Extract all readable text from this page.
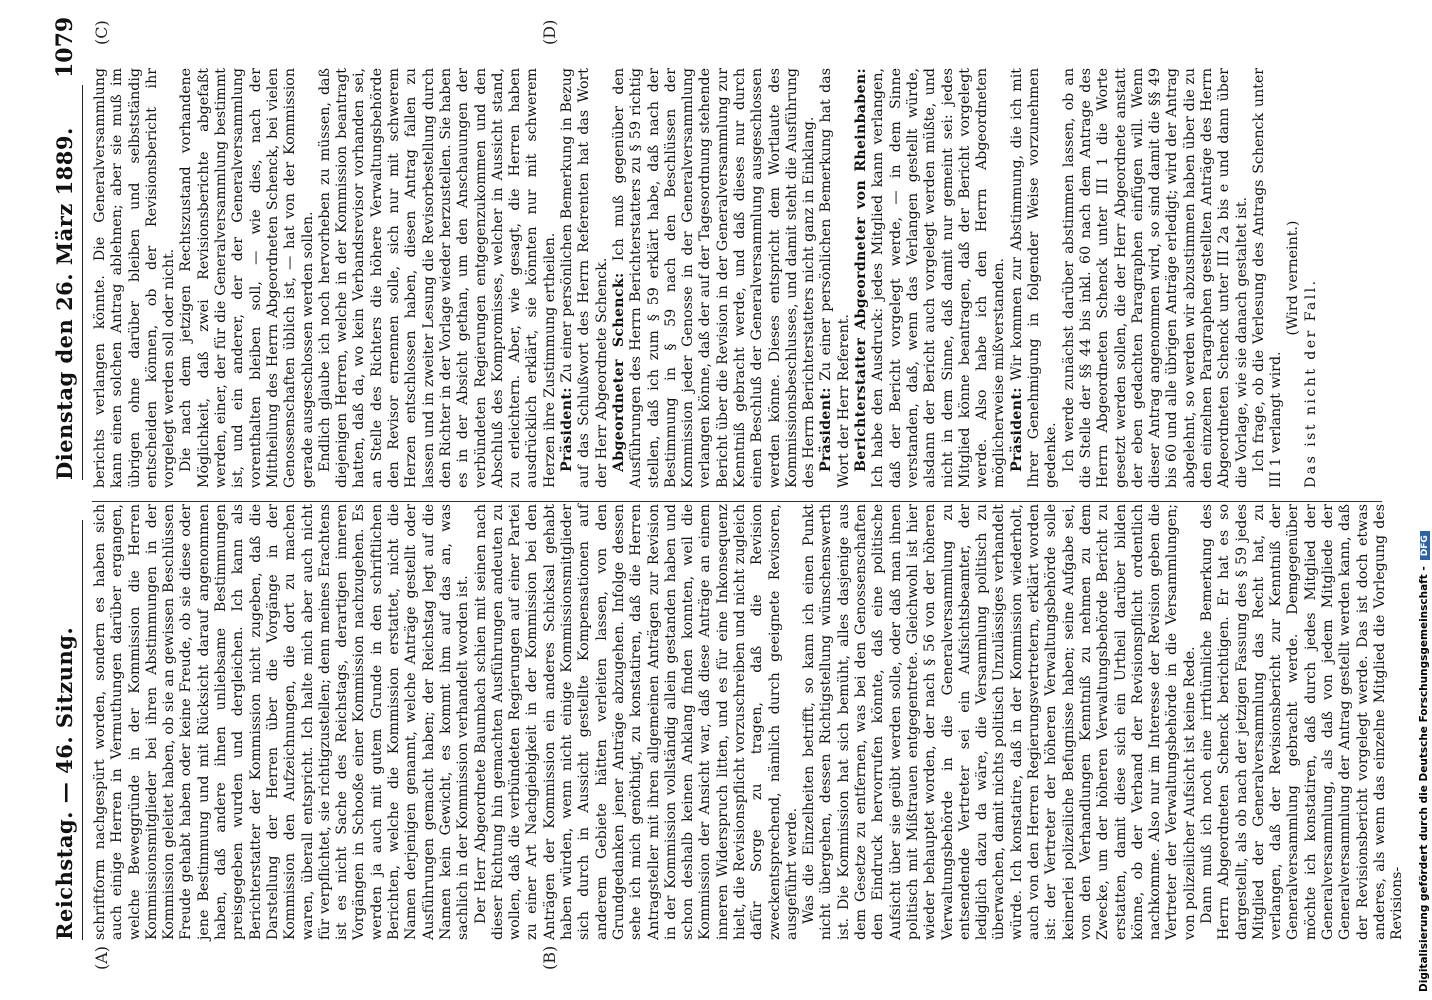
Reichstag. — 46. Sitzung.
Dienstag den 26. März 1889.
1079
(A)	(B)
(C)	(D)

schriftform nachgespürt worden, sondern es haben sich auch einige Herren in Vermuthungen darüber ergangen, welche Beweggründe in der Kommission die Herren Kommissionsmitglieder bei ihren Abstimmungen in der Kommission geleitet haben, ob sie an gewissen Beschlüssen Freude gehabt haben oder keine Freude, ob sie diese oder jene Bestimmung und mit Rücksicht darauf angenommen haben, daß andere ihnen unliebsame Bestimmungen preisgegeben wurden und dergleichen. Ich kann als Berichterstatter der Kommission nicht zugeben, daß die Darstellung der Herren über die Vorgänge in der Kommission den Aufzeichnungen, die dort zu machen waren, überall entspricht. Ich halte mich aber auch nicht für verpflichtet, sie richtigzustellen; denn meines Erachtens ist es nicht Sache des Reichstags, derartigen inneren Vorgängen in Schooße einer Kommission nachzugehen. Es werden ja auch mit gutem Grunde in den schriftlichen Berichten, welche die Kommission erstattet, nicht die Namen derjenigen genannt, welche Anträge gestellt oder Ausführungen gemacht haben; der Reichstag legt auf die Namen kein Gewicht, es kommt ihm auf das an, was sachlich in der Kommission verhandelt worden ist. Der Herr Abgeordnete Baumbach schien mit seinen nach dieser Richtung hin gemachten Ausführungen andeuten zu wollen, daß die verbündeten Regierungen auf einer Partei zu einer Art Nachgiebigkeit in der Kommission bei den Anträgen der Kommission ein anderes Schicksal gehabt haben würden, wenn nicht einige Kommissionsmitglieder sich durch in Aussicht gestellte Kompensationen auf anderem Gebiete hätten verleiten lassen, von den Grundgedanken jener Anträge abzugehen. Infolge dessen sehe ich mich genöthigt, zu konstatiren, daß die Herren Antragsteller mit ihren allgemeinen Anträgen zur Revision in der Kommission vollständig allein gestanden haben und schon deshalb keinen Anklang finden konnten, weil die Kommission der Ansicht war, daß diese Anträge an einem inneren Widerspruch litten, und es für eine Inkonsequenz hielt, die Revisionspflicht vorzuschreiben und nicht zugleich dafür Sorge zu tragen, daß die Revision zweckentsprechend, nämlich durch geeignete Revisoren, ausgeführt werde. Was die Einzelheiten betrifft, so kann ich einen Punkt nicht übergehen, dessen Richtigstellung wünschenswerth ist. Die Kommission hat sich bemüht, alles dasjenige aus dem Gesetze zu entfernen, was bei den Genossenschaften den Eindruck hervorrufen könnte, daß eine politische Aufsicht über sie geübt werden solle, oder daß man ihnen politisch mit Mißtrauen entgegentrete. Gleichwohl ist hier wieder behauptet worden, der nach § 56 von der höheren Verwaltungsbehörde in die Generalversammlung zu entsendende Vertreter sei ein Aufsichtsbeamter, der lediglich dazu da wäre, die Versammlung politisch zu überwachen, damit nichts politisch Unzulässiges verhandelt würde. Ich konstatire, daß in der Kommission wiederholt, auch von den Herren Regierungsvertretern, erklärt worden ist: der Vertreter der höheren Verwaltungsbehörde solle keinerlei polizeiliche Befugnisse haben; seine Aufgabe sei, von den Verhandlungen Kenntniß zu nehmen zu dem Zwecke, um der höheren Verwaltungsbehörde Bericht zu erstatten, damit diese sich ein Urtheil darüber bilden könne, ob der Verband der Revisionspflicht ordentlich nachkomme. Also nur im Interesse der Revision geben die Vertreter der Verwaltungsbehörde in die Versammlungen; von polizeilicher Aufsicht ist keine Rede. Dann muß ich noch eine irrthümliche Bemerkung des Herrn Abgeordneten Schenck berichtigen. Er hat es so dargestellt, als ob nach der jetzigen Fassung des § 59 jedes Mitglied der Generalversammlung das Recht hat, zu verlangen, daß der Revisionsbericht zur Kenntniß der Generalversammlung gebracht werde. Demgegenüber möchte ich konstatiren, daß durch jedes Mitglied der Generalversammlung, als daß von jedem Mitgliede der Generalversammlung der Antrag gestellt werden kann, daß der Revisionsbericht vorgelegt werde. Das ist doch etwas anderes, als wenn das einzelne Mitglied die Vorlegung des Revisions-

berichts verlangen könnte. Die Generalversammlung kann einen solchen Antrag ablehnen; aber sie muß im übrigen ohne darüber bleiben und selbstständig entscheiden können, ob der Revisionsbericht ihr vorgelegt werden soll oder nicht. Die nach dem jetzigen Rechtszustand vorhandene Möglichkeit, daß zwei Revisionsberichte abgefaßt werden, einer, der für die Generalversammlung bestimmt ist, und ein anderer, der der Generalversammlung vorenthalten bleiben soll, — wie dies, nach der Mittheilung des Herrn Abgeordneten Schenck, bei vielen Genossenschaften üblich ist, — hat von der Kommission gerade ausgeschlossen werden sollen. Endlich glaube ich noch hervorheben zu müssen, daß diejenigen Herren, welche in der Kommission beantragt hatten, daß da, wo kein Verbandsrevisor vorhanden sei, an Stelle des Richters die höhere Verwaltungsbehörde den Revisor ernennen solle, sich nur mit schwerem Herzen entschlossen haben, diesen Antrag fallen zu lassen und in zweiter Lesung die Revisorbestellung durch den Richter in der Vorlage wieder herzustellen. Sie haben es in der Absicht gethan, um den Anschauungen der verbündeten Regierungen entgegenzukommen und den Abschluß des Kompromisses, welcher in Aussicht stand, zu erleichtern. Aber, wie gesagt, die Herren haben ausdrücklich erklärt, sie könnten nur mit schwerem Herzen ihre Zustimmung ertheilen. Präsident: Zu einer persönlichen Bemerkung in Bezug auf das Schlußwort des Herrn Referenten hat das Wort der Herr Abgeordnete Schenck. Abgeordneter Schenck: Ich muß gegenüber den Ausführungen des Herrn Berichterstatters zu § 59 richtig stellen, daß ich zum § 59 erklärt habe, daß nach der Bestimmung in § 59 nach den Beschlüssen der Kommission jeder Genosse in der Generalversammlung verlangen könne, daß der auf der Tagesordnung stehende Bericht über die Revision in der Generalversammlung zur Kenntniß gebracht werde, und daß dieses nur durch einen Beschluß der Generalversammlung ausgeschlossen werden könne. Dieses entspricht dem Wortlaute des Kommissionsbeschlusses, und damit steht die Ausführung des Herrn Berichterstatters nicht ganz in Einklang. Präsident: Zu einer persönlichen Bemerkung hat das Wort der Herr Referent. Berichterstatter Abgeordneter von Rheinbaben: Ich habe den Ausdruck: jedes Mitglied kann verlangen, daß der Bericht vorgelegt werde, — in dem Sinne verstanden, daß, wenn das Verlangen gestellt würde, alsdann der Bericht auch vorgelegt werden müßte, und nicht in dem Sinne, daß damit nur gemeint sei: jedes Mitglied könne beantragen, daß der Bericht vorgelegt werde. Also habe ich den Herrn Abgeordneten möglicherweise mißverstanden. Präsident: Wir kommen zur Abstimmung, die ich mit Ihrer Genehmigung in folgender Weise vorzunehmen gedenke. Ich werde zunächst darüber abstimmen lassen, ob an die Stelle der §§ 44 bis inkl. 60 nach dem Antrage des Herrn Abgeordneten Schenck unter III 1 die Worte gesetzt werden sollen, die der Herr Abgeordnete anstatt der eben gedachten Paragraphen einfügen will. Wenn dieser Antrag angenommen wird, so sind damit die §§ 49 bis 60 und alle übrigen Anträge erledigt; wird der Antrag abgelehnt, so werden wir abzustimmen haben über die zu den einzelnen Paragraphen gestellten Anträge des Herrn Abgeordneten Schenck unter III 2a bis e und dann über die Vorlage, wie sie danach gestaltet ist. Ich frage, ob die Verlesung des Antrags Schenck unter III 1 verlangt wird.

(Wird verneint.)

Das ist nicht der Fall.

Digitalisierung gefördert durch die Deutsche Forschungsgemeinschaft -DFG
